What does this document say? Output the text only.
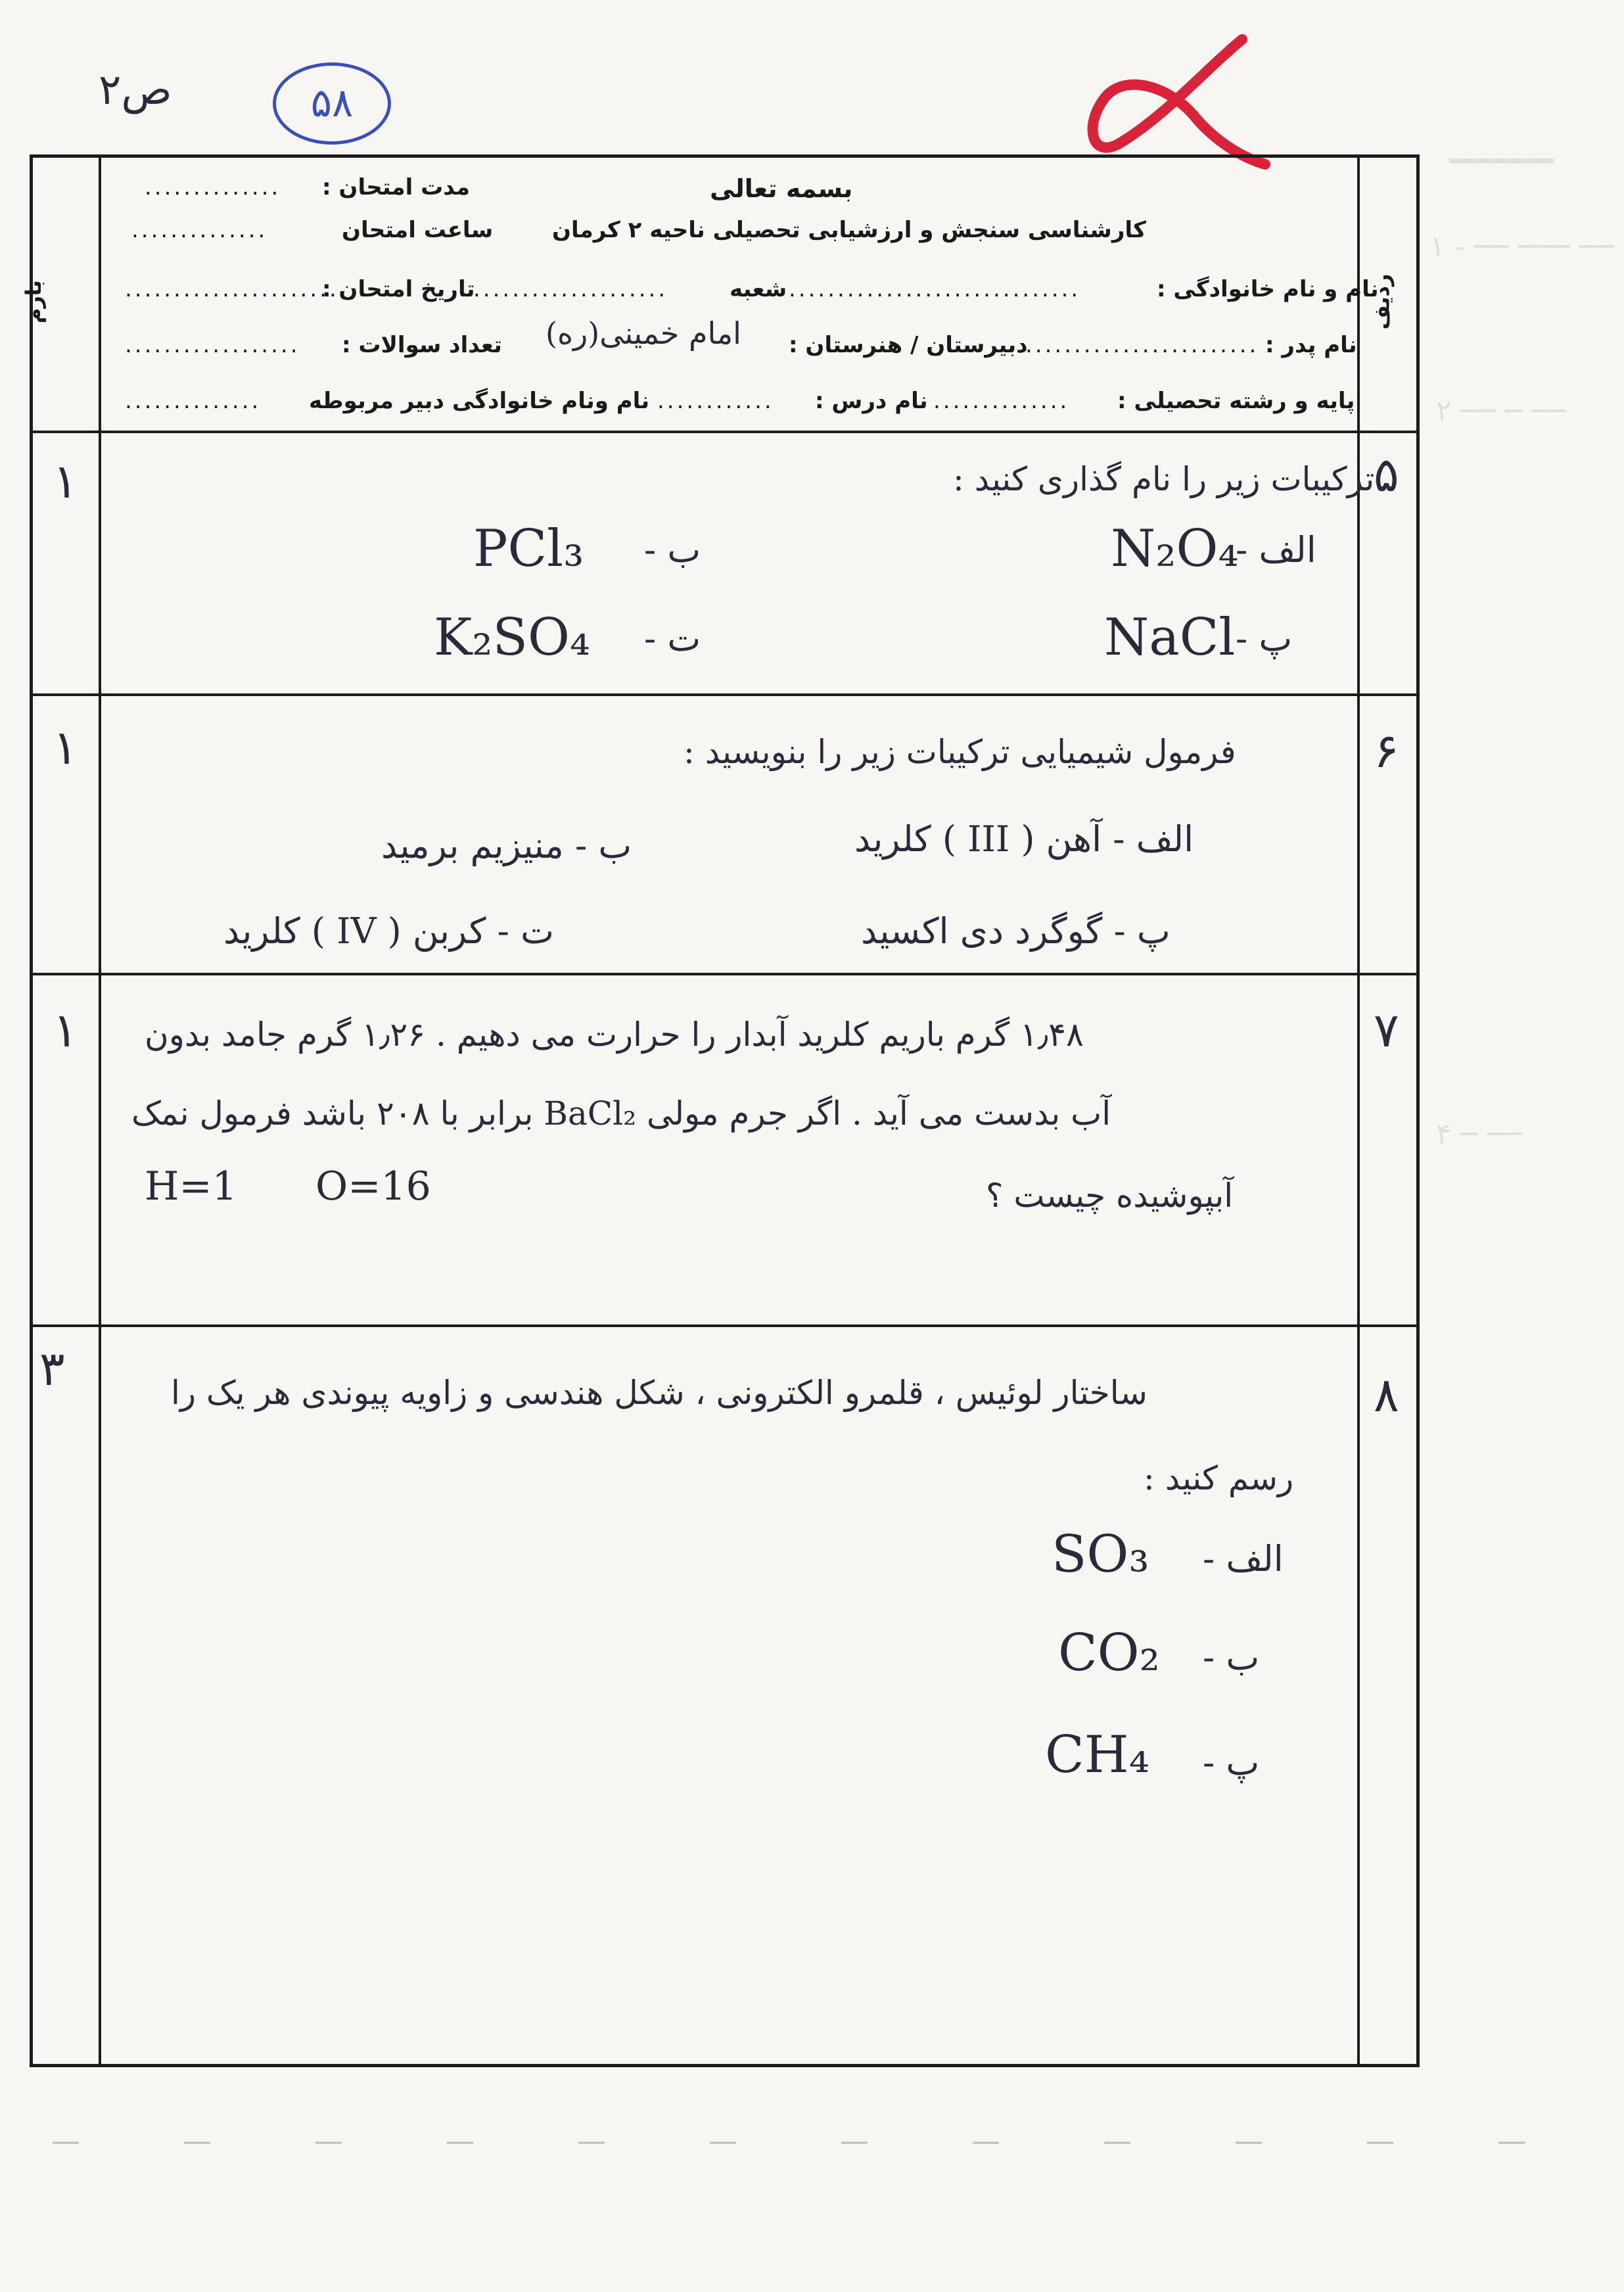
ص۲	۵۸
━━━━━━
۱ - ── ─── ──
۲ ── ─ ──
۴ ─ ──
بارم	ردیف
بسمه تعالی
کارشناسی سنجش و ارزشیابی تحصیلی ناحیه ۲ کرمان
مدت امتحان :
..............
ساعت امتحان
..............
نام و نام خانوادگی :
..............................
شعبه
....................
تاریخ امتحان :
......................
نام پدر :
........................
دبیرستان / هنرستان :
امام خمینی(ره)
تعداد سوالات :
..................
پایه و رشته تحصیلی :
..............
نام درس :
............
نام ونام خانوادگی دبیر مربوطه
..............
۵
۱	ترکیبات زیر را نام گذاری کنید :
الف -
N₂O₄
ب -
PCl₃
پ -
NaCl
ت -
K₂SO₄
۶
۱	فرمول شیمیایی ترکیبات زیر را بنویسید :
الف - آهن ( III ) کلرید
ب - منیزیم برمید
پ - گوگرد دی اکسید
ت - کربن ( IV ) کلرید
۷
۱ ۱٫۴۸ گرم باریم کلرید آبدار را حرارت می دهیم . ۱٫۲۶ گرم جامد بدون
آب بدست می آید . اگر جرم مولی BaCl₂ برابر با ۲۰۸ باشد فرمول نمک
آبپوشیده چیست ؟
H=1 O=16
۸
۳	ساختار لوئیس ، قلمرو الکترونی ، شکل هندسی و زاویه پیوندی هر یک را
رسم کنید :
الف -
SO₃
ب -
CO₂
پ -
CH₄
